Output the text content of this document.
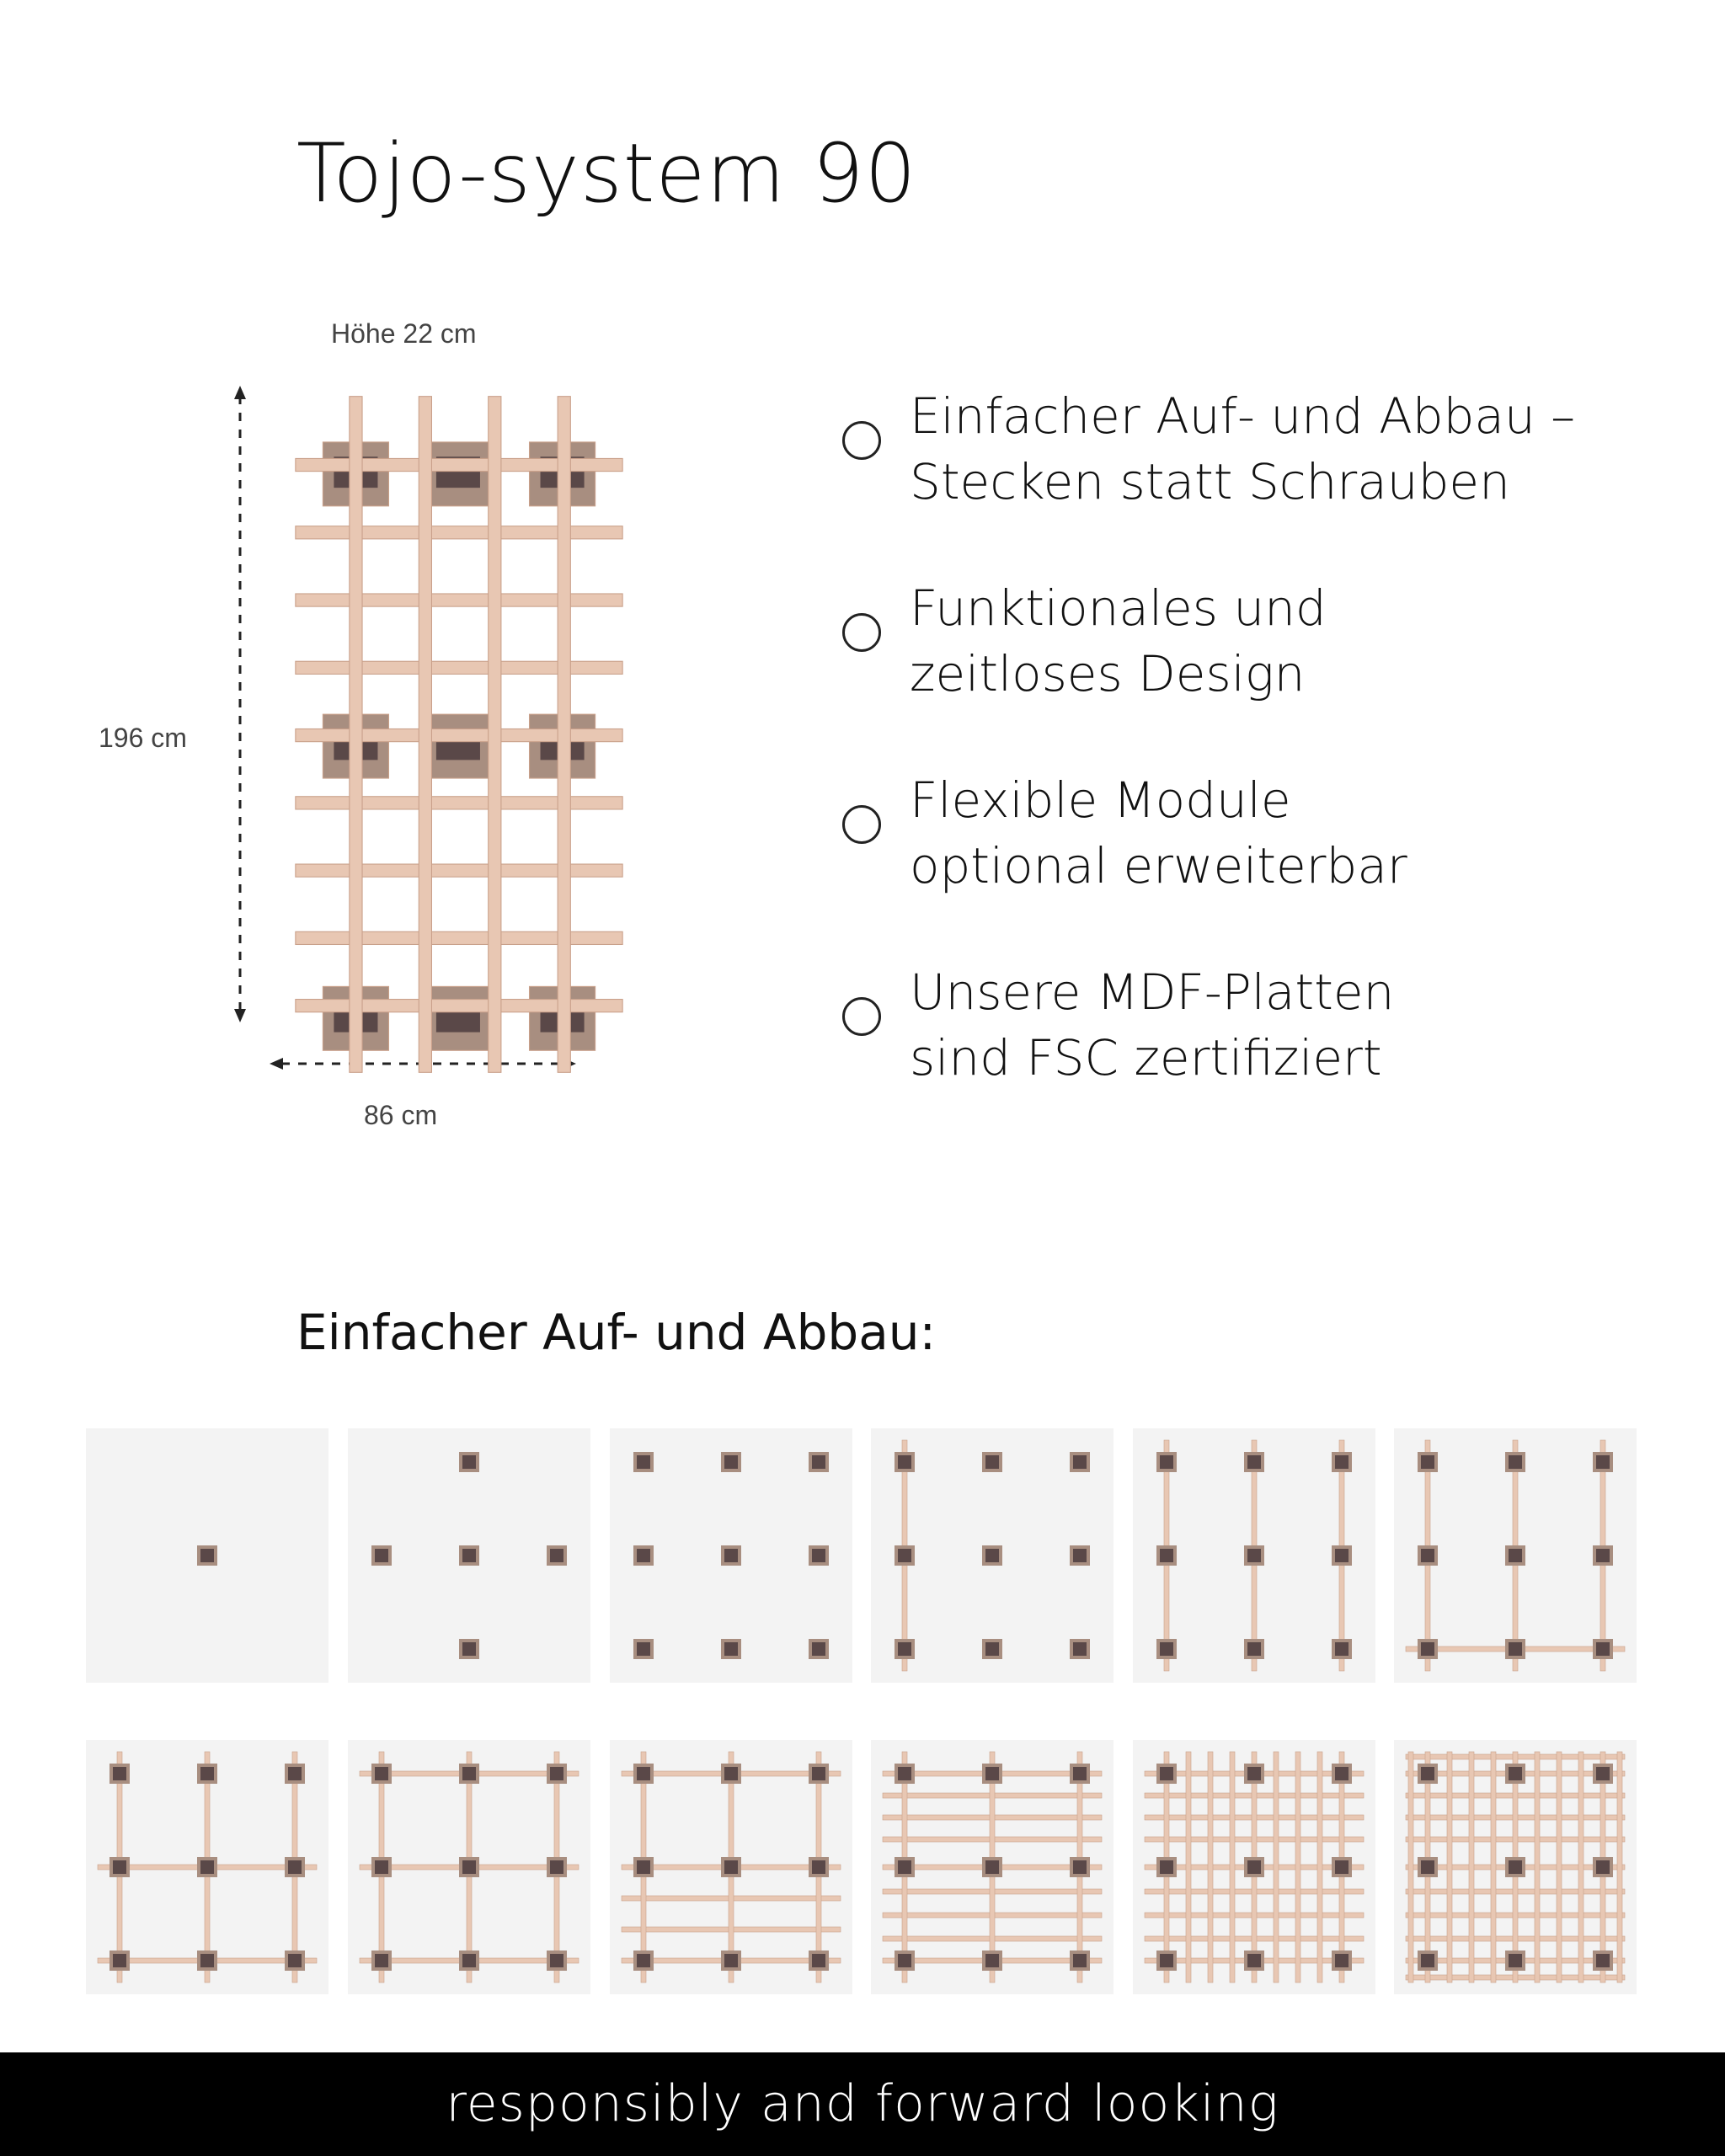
Tojo-system 90
Höhe 22 cm
196 cm
86 cm
Einfacher Auf- und Abbau –
Stecken statt Schrauben
Funktionales und
zeitloses Design
Flexible Module
optional erweiterbar
Unsere MDF-Platten
sind FSC zertifiziert
Einfacher Auf- und Abbau:
responsibly and forward looking
